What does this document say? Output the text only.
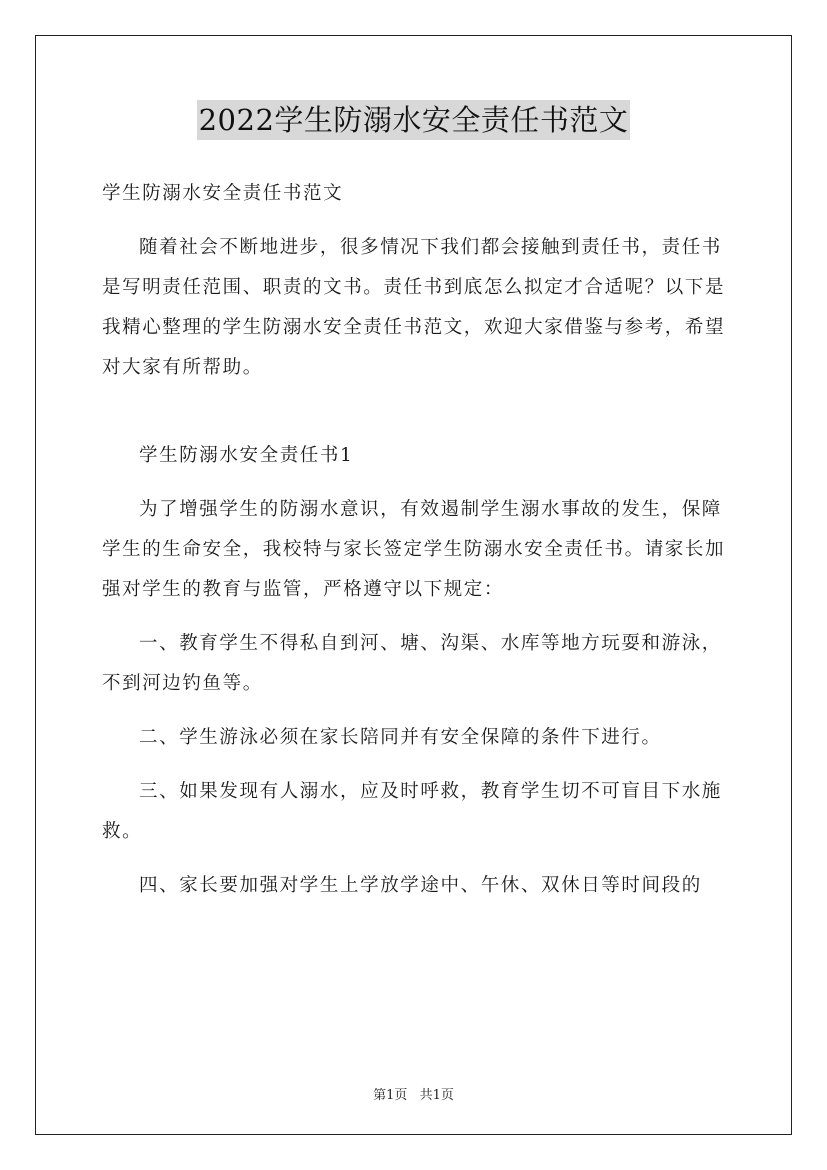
2022学生防溺水安全责任书范文

学生防溺水安全责任书范文

随着社会不断地进步，很多情况下我们都会接触到责任书，责任书是写明责任范围、职责的文书。责任书到底怎么拟定才合适呢？以下是我精心整理的学生防溺水安全责任书范文，欢迎大家借鉴与参考，希望对大家有所帮助。

学生防溺水安全责任书1

为了增强学生的防溺水意识，有效遏制学生溺水事故的发生，保障学生的生命安全，我校特与家长签定学生防溺水安全责任书。请家长加强对学生的教育与监管，严格遵守以下规定：

一、教育学生不得私自到河、塘、沟渠、水库等地方玩耍和游泳，不到河边钓鱼等。

二、学生游泳必须在家长陪同并有安全保障的条件下进行。

三、如果发现有人溺水，应及时呼救，教育学生切不可盲目下水施救。

四、家长要加强对学生上学放学途中、午休、双休日等时间段的

第1页 共1页
